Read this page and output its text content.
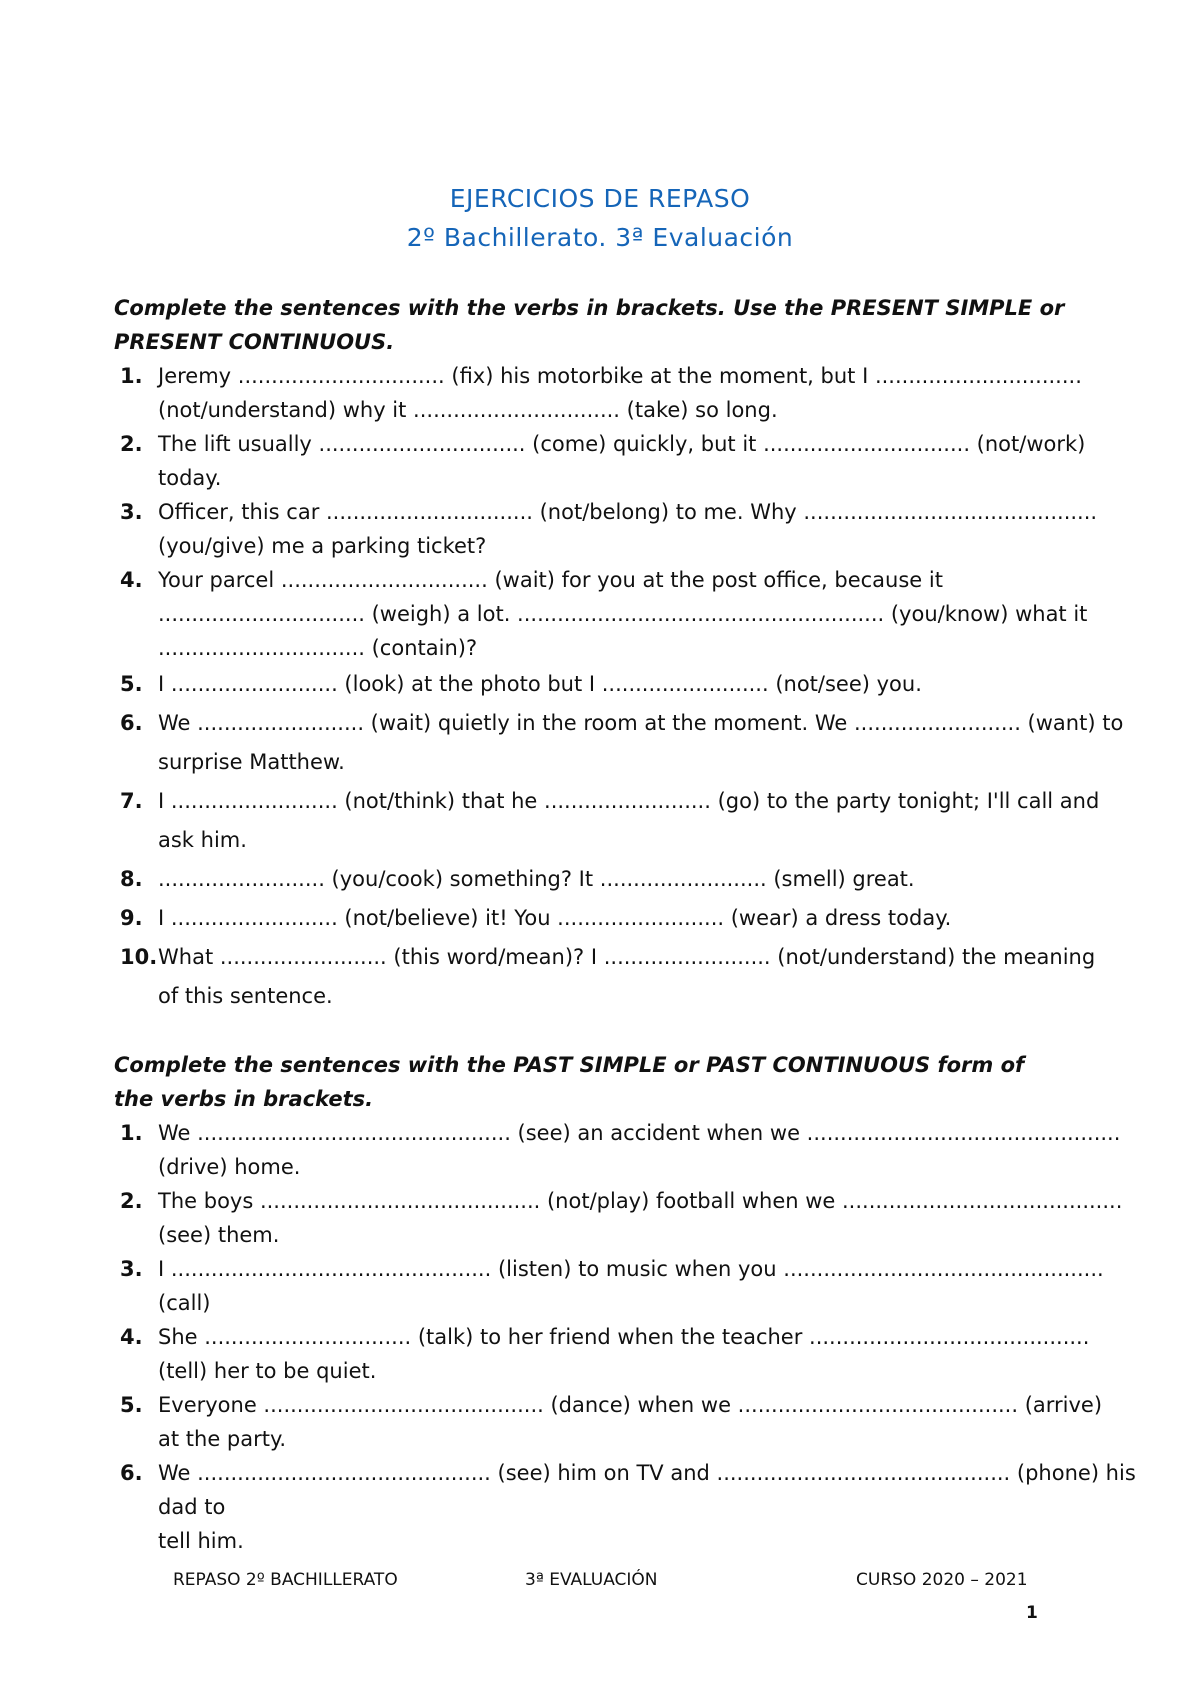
EJERCICIOS DE REPASO
2º Bachillerato. 3ª Evaluación
Complete the sentences with the verbs in brackets. Use the PRESENT SIMPLE or
PRESENT CONTINUOUS.
1. Jeremy ............................... (fix) his motorbike at the moment, but I ...............................
(not/understand) why it ............................... (take) so long.
2. The lift usually ............................... (come) quickly, but it ............................... (not/work)
today.
3. Officer, this car ............................... (not/belong) to me. Why ............................................
(you/give) me a parking ticket?
4. Your parcel ............................... (wait) for you at the post office, because it
............................... (weigh) a lot. ....................................................... (you/know) what it
............................... (contain)?
5. I ......................... (look) at the photo but I ......................... (not/see) you.
6. We ......................... (wait) quietly in the room at the moment. We ......................... (want) to
surprise Matthew.
7. I ......................... (not/think) that he ......................... (go) to the party tonight; I'll call and
ask him.
8. ......................... (you/cook) something? It ......................... (smell) great.
9. I ......................... (not/believe) it! You ......................... (wear) a dress today.
10. What ......................... (this word/mean)? I ......................... (not/understand) the meaning
of this sentence.
Complete the sentences with the PAST SIMPLE or PAST CONTINUOUS form of
the verbs in brackets.
1. We ............................................... (see) an accident when we ...............................................
(drive) home.
2. The boys .......................................... (not/play) football when we ..........................................
(see) them.
3. I ................................................ (listen) to music when you ................................................
(call)
4. She ............................... (talk) to her friend when the teacher ..........................................
(tell) her to be quiet.
5. Everyone .......................................... (dance) when we .......................................... (arrive)
at the party.
6. We ............................................ (see) him on TV and ............................................ (phone) his dad to
tell him.
REPASO 2º BACHILLERATO	3ª EVALUACIÓN	CURSO 2020 – 2021
1
